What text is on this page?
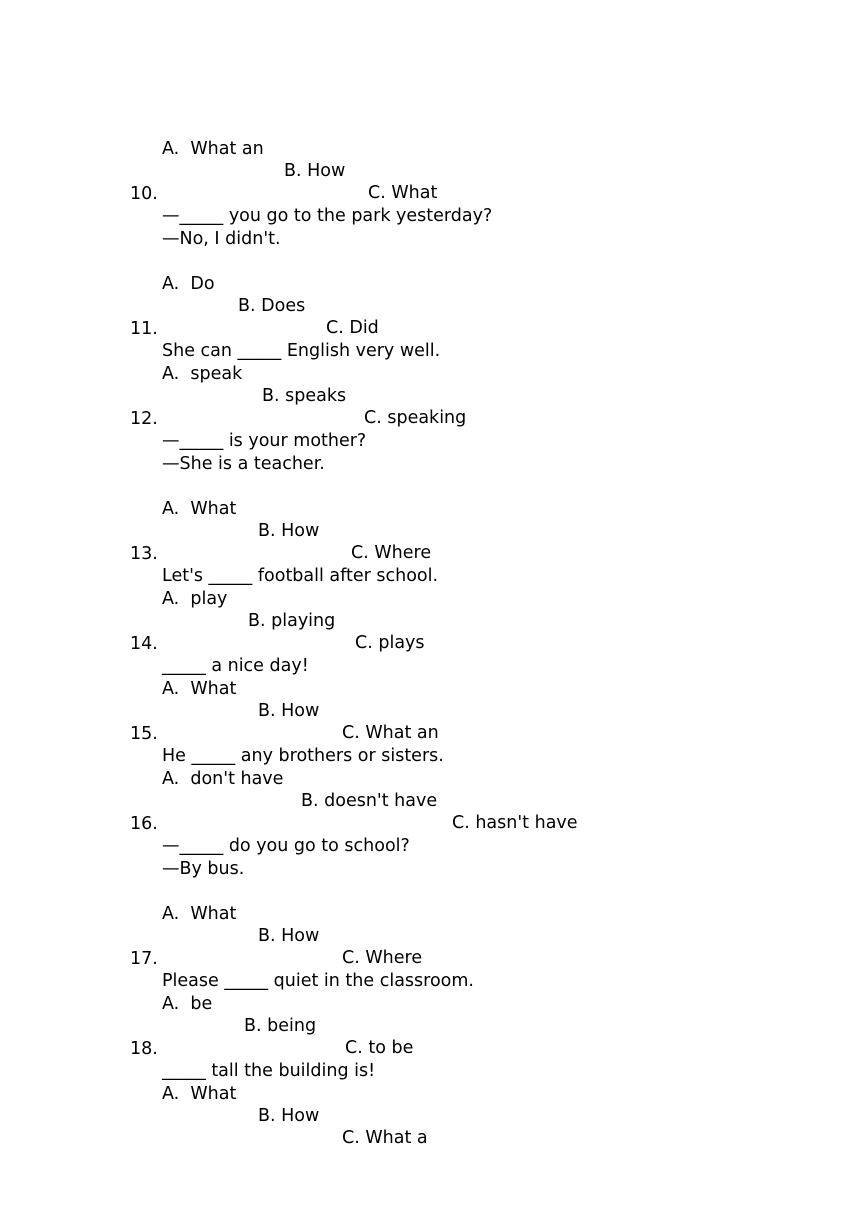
A.  What an

B. How

C. What

10.

—_____ you go to the park yesterday?

—No, I didn't.

A.  Do

B. Does

C. Did

11.

She can _____ English very well.

A.  speak

B. speaks

C. speaking

12.

—_____ is your mother?

—She is a teacher.

A.  What

B. How

C. Where

13.

Let's _____ football after school.

A.  play

B. playing

C. plays

14.

_____ a nice day!

A.  What

B. How

C. What an

15.

He _____ any brothers or sisters.

A.  don't have

B. doesn't have

C. hasn't have

16.

—_____ do you go to school?

—By bus.

A.  What

B. How

C. Where

17.

Please _____ quiet in the classroom.

A.  be

B. being

C. to be

18.

_____ tall the building is!

A.  What

B. How

C. What a
